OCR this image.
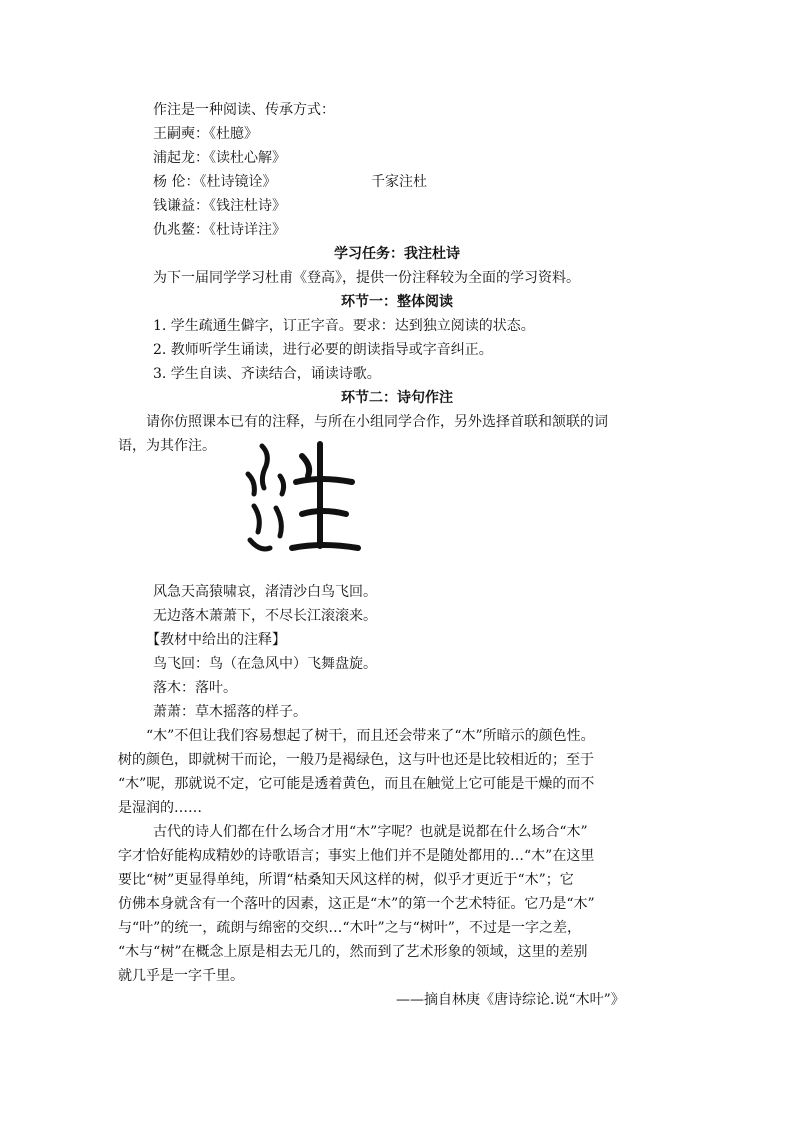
作注是一种阅读、传承方式：
王嗣奭：《杜臆》
浦起龙：《读杜心解》
杨 伦：《杜诗镜诠》	千家注杜
钱谦益：《钱注杜诗》
仇兆鳌：《杜诗详注》
学习任务：我注杜诗
为下一届同学学习杜甫《登高》，提供一份注释较为全面的学习资料。
环节一：整体阅读
1. 学生疏通生僻字，订正字音。要求：达到独立阅读的状态。
2. 教师听学生诵读，进行必要的朗读指导或字音纠正。
3. 学生自读、齐读结合，诵读诗歌。
环节二：诗句作注
请你仿照课本已有的注释，与所在小组同学合作，另外选择首联和颔联的词
语，为其作注。
风急天高猿啸哀，渚清沙白鸟飞回。
无边落木萧萧下，不尽长江滚滚来。
【教材中给出的注释】
鸟飞回：鸟（在急风中）飞舞盘旋。
落木：落叶。
萧萧：草木摇落的样子。
“木”不但让我们容易想起了树干，而且还会带来了“木”所暗示的颜色性。
树的颜色，即就树干而论，一般乃是褐绿色，这与叶也还是比较相近的；至于
“木”呢，那就说不定，它可能是透着黄色，而且在触觉上它可能是干燥的而不
是湿润的……
古代的诗人们都在什么场合才用“木”字呢？也就是说都在什么场合“木”
字才恰好能构成精妙的诗歌语言；事实上他们并不是随处都用的…“木”在这里
要比“树”更显得单纯，所谓“枯桑知天风这样的树，似乎才更近于“木”；它
仿佛本身就含有一个落叶的因素，这正是“木”的第一个艺术特征。它乃是“木”
与“叶”的统一，疏朗与绵密的交织…“木叶”之与“树叶”，不过是一字之差，
“木与“树”在概念上原是相去无几的，然而到了艺术形象的领域，这里的差别
就几乎是一字千里。
——摘自林庚《唐诗综论.说“木叶”》
